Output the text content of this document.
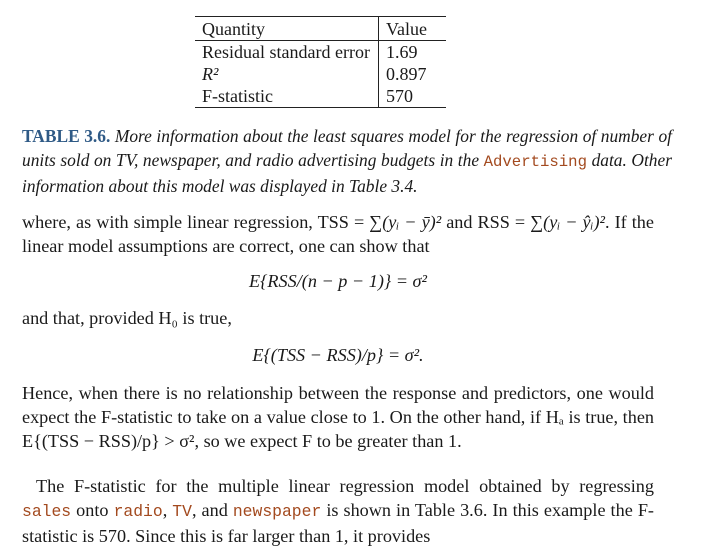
Quantity	Value
Residual standard error	1.69
R²	0.897
F-statistic	570
TABLE 3.6. More information about the least squares model for the regression of number of units sold on TV, newspaper, and radio advertising budgets in the Advertising data. Other information about this model was displayed in Table 3.4.
where, as with simple linear regression, TSS = ∑(yᵢ − ȳ)² and RSS = ∑(yᵢ − ŷᵢ)². If the linear model assumptions are correct, one can show that
E{RSS/(n − p − 1)} = σ²
and that, provided H₀ is true,
E{(TSS − RSS)/p} = σ².
Hence, when there is no relationship between the response and predictors, one would expect the F-statistic to take on a value close to 1. On the other hand, if Hₐ is true, then E{(TSS − RSS)/p} > σ², so we expect F to be greater than 1.
The F-statistic for the multiple linear regression model obtained by regressing sales onto radio, TV, and newspaper is shown in Table 3.6. In this example the F-statistic is 570. Since this is far larger than 1, it provides
